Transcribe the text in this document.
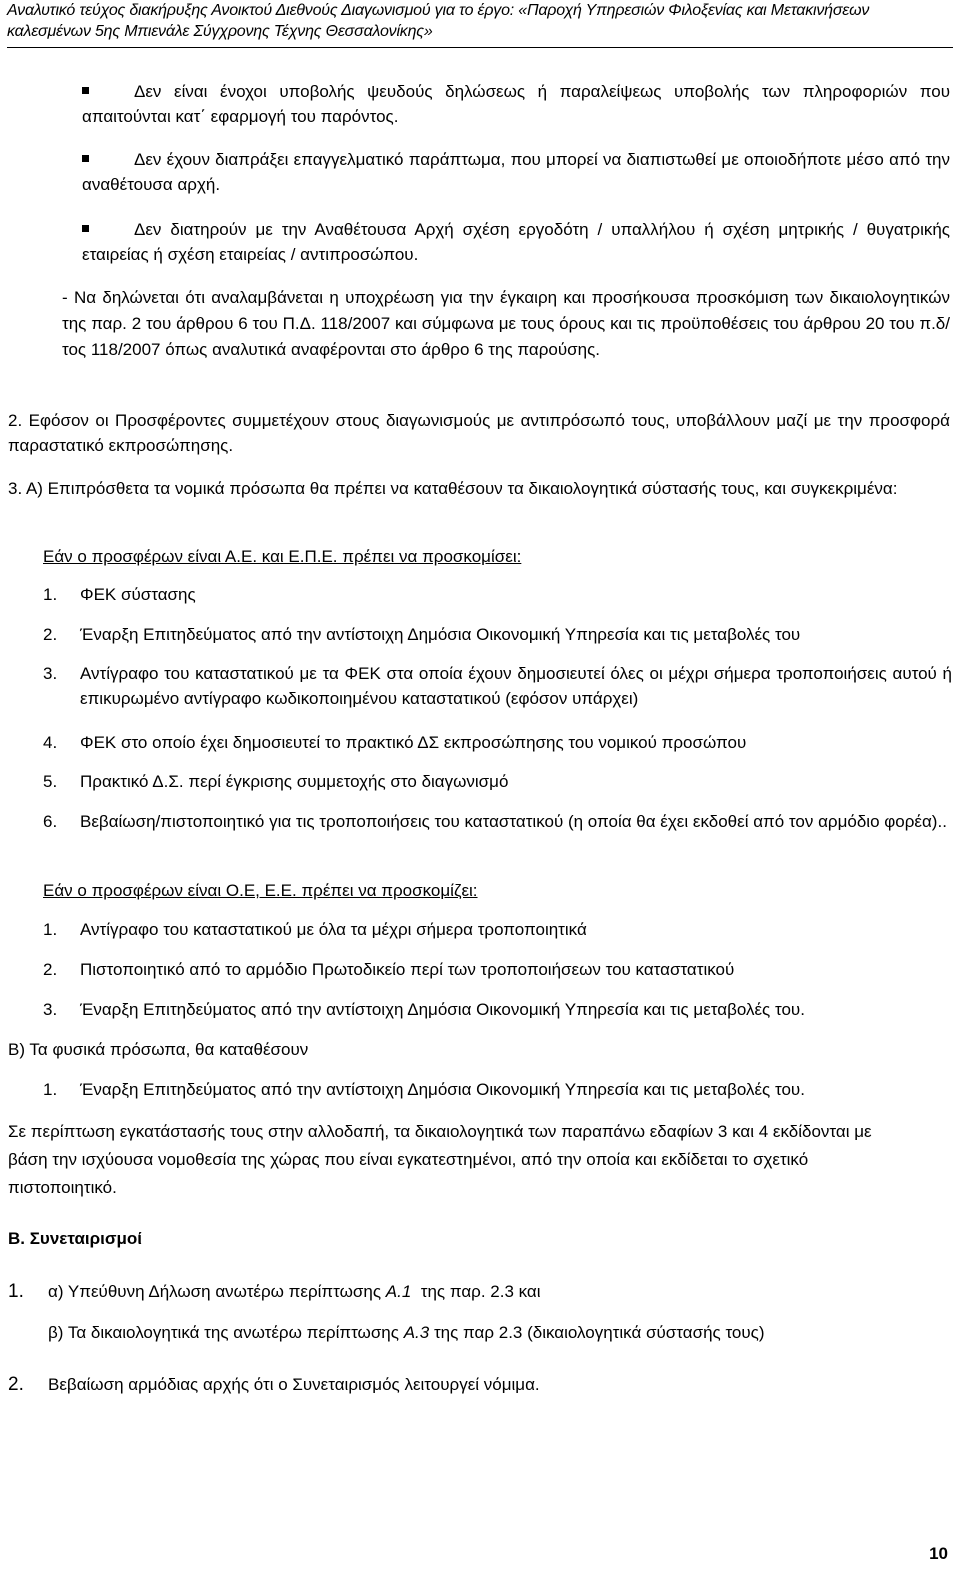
Αναλυτικό τεύχος διακήρυξης Ανοικτού Διεθνούς Διαγωνισμού για το έργο: «Παροχή Υπηρεσιών Φιλοξενίας και Μετακινήσεων
καλεσμένων 5ης Μπιενάλε Σύγχρονης Τέχνης Θεσσαλονίκης»
Δεν είναι ένοχοι υποβολής ψευδούς δηλώσεως ή παραλείψεως υποβολής των πληροφοριών που απαιτούνται κατ΄ εφαρμογή του παρόντος.
Δεν έχουν διαπράξει επαγγελματικό παράπτωμα, που μπορεί να διαπιστωθεί με οποιοδήποτε μέσο από την αναθέτουσα αρχή.
Δεν διατηρούν με την Αναθέτουσα Αρχή σχέση εργοδότη / υπαλλήλου ή σχέση μητρικής / θυγατρικής εταιρείας ή σχέση εταιρείας / αντιπροσώπου.
- Να δηλώνεται ότι αναλαμβάνεται η υποχρέωση για την έγκαιρη και προσήκουσα προσκόμιση των δικαιολογητικών της παρ. 2 του άρθρου 6 του Π.Δ. 118/2007 και σύμφωνα με τους όρους και τις προϋποθέσεις του άρθρου 20 του π.δ/τος 118/2007 όπως αναλυτικά αναφέρονται στο άρθρο 6 της παρούσης.
2. Εφόσον οι Προσφέροντες συμμετέχουν στους διαγωνισμούς με αντιπρόσωπό τους, υποβάλλουν μαζί με την προσφορά παραστατικό εκπροσώπησης.
3. Α) Επιπρόσθετα τα νομικά πρόσωπα θα πρέπει να καταθέσουν τα δικαιολογητικά σύστασής τους, και συγκεκριμένα:
Εάν ο προσφέρων είναι Α.Ε. και Ε.Π.Ε. πρέπει να προσκομίσει:
1. ΦΕΚ σύστασης
2. Έναρξη Επιτηδεύματος από την αντίστοιχη Δημόσια Οικονομική Υπηρεσία και τις μεταβολές του
3. Αντίγραφο του καταστατικού με τα ΦΕΚ στα οποία έχουν δημοσιευτεί όλες οι μέχρι σήμερα τροποποιήσεις αυτού ή επικυρωμένο αντίγραφο κωδικοποιημένου καταστατικού (εφόσον υπάρχει)
4. ΦΕΚ στο οποίο έχει δημοσιευτεί το πρακτικό ΔΣ εκπροσώπησης του νομικού προσώπου
5. Πρακτικό Δ.Σ. περί έγκρισης συμμετοχής στο διαγωνισμό
6. Βεβαίωση/πιστοποιητικό για τις τροποποιήσεις του καταστατικού (η οποία θα έχει εκδοθεί από τον αρμόδιο φορέα)..
Εάν ο προσφέρων είναι Ο.Ε, Ε.Ε. πρέπει να προσκομίζει:
1. Αντίγραφο του καταστατικού με όλα τα μέχρι σήμερα τροποποιητικά
2. Πιστοποιητικό από το αρμόδιο Πρωτοδικείο περί των τροποποιήσεων του καταστατικού
3. Έναρξη Επιτηδεύματος από την αντίστοιχη Δημόσια Οικονομική Υπηρεσία και τις μεταβολές του.
Β) Τα φυσικά πρόσωπα, θα καταθέσουν
1. Έναρξη Επιτηδεύματος από την αντίστοιχη Δημόσια Οικονομική Υπηρεσία και τις μεταβολές του.
Σε περίπτωση εγκατάστασής τους στην αλλοδαπή, τα δικαιολογητικά των παραπάνω εδαφίων 3 και 4 εκδίδονται με βάση την ισχύουσα νομοθεσία της χώρας που είναι εγκατεστημένοι, από την οποία και εκδίδεται το σχετικό πιστοποιητικό.
Β. Συνεταιρισμοί
1. α) Υπεύθυνη Δήλωση ανωτέρω περίπτωσης Α.1  της παρ. 2.3 και
β) Τα δικαιολογητικά της ανωτέρω περίπτωσης Α.3 της παρ 2.3 (δικαιολογητικά σύστασής τους)
2. Βεβαίωση αρμόδιας αρχής ότι ο Συνεταιρισμός λειτουργεί νόμιμα.
10
